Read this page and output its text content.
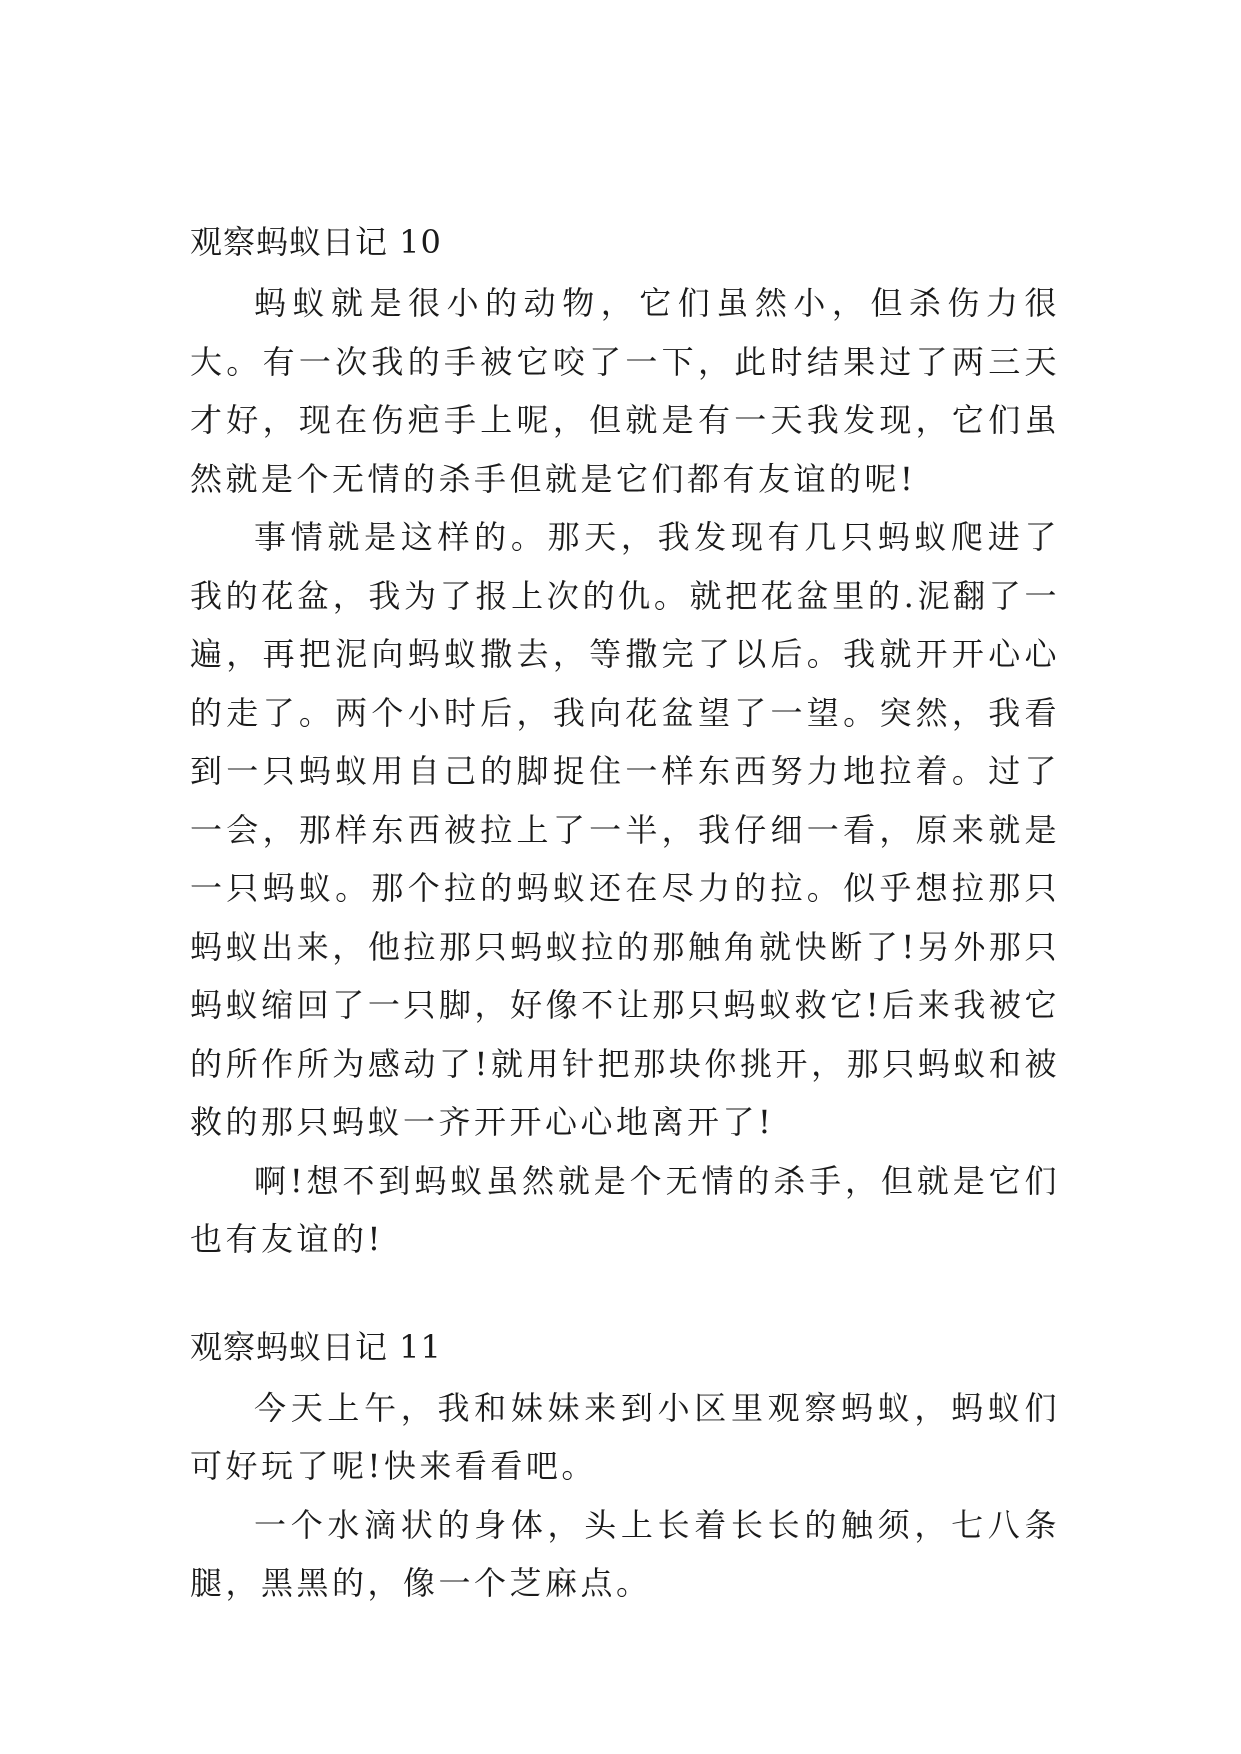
观察蚂蚁日记 10

蚂蚁就是很小的动物，它们虽然小，但杀伤力很大。有一次我的手被它咬了一下，此时结果过了两三天才好，现在伤疤手上呢，但就是有一天我发现，它们虽然就是个无情的杀手但就是它们都有友谊的呢!

事情就是这样的。那天，我发现有几只蚂蚁爬进了我的花盆，我为了报上次的仇。就把花盆里的.泥翻了一遍，再把泥向蚂蚁撒去，等撒完了以后。我就开开心心的走了。两个小时后，我向花盆望了一望。突然，我看到一只蚂蚁用自己的脚捉住一样东西努力地拉着。过了一会，那样东西被拉上了一半，我仔细一看，原来就是一只蚂蚁。那个拉的蚂蚁还在尽力的拉。似乎想拉那只蚂蚁出来，他拉那只蚂蚁拉的那触角就快断了!另外那只蚂蚁缩回了一只脚，好像不让那只蚂蚁救它!后来我被它的所作所为感动了!就用针把那块你挑开，那只蚂蚁和被救的那只蚂蚁一齐开开心心地离开了!

啊!想不到蚂蚁虽然就是个无情的杀手，但就是它们也有友谊的!

观察蚂蚁日记 11

今天上午，我和妹妹来到小区里观察蚂蚁，蚂蚁们可好玩了呢!快来看看吧。

一个水滴状的身体，头上长着长长的触须，七八条腿，黑黑的，像一个芝麻点。
